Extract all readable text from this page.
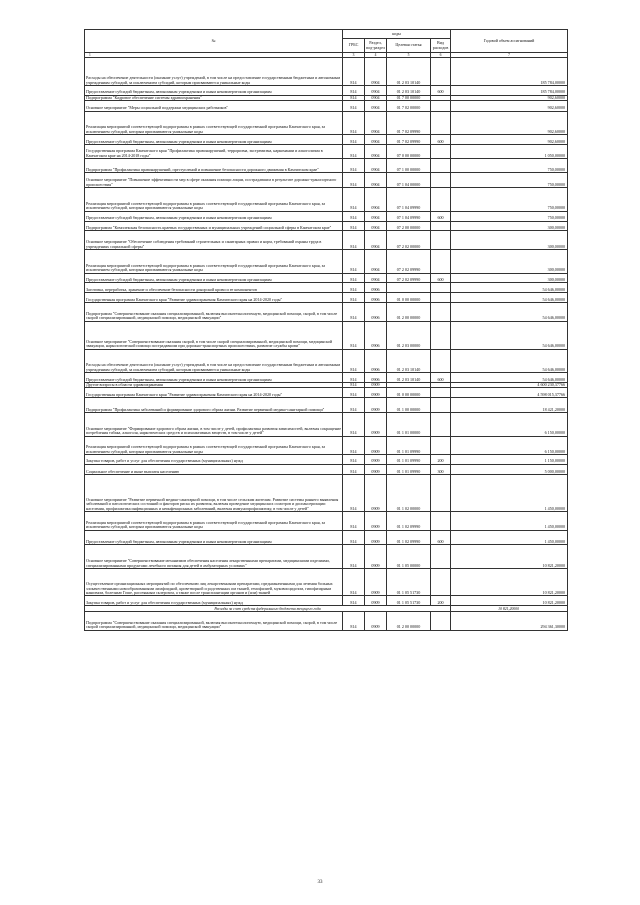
№	коды				Годовой объем ассигнований
	ГРБС	Раздел, под-раздел	Целевая статья	Вид расходов	
1	3	4	5	6	7
Расходы на обеспечение деятельности (оказание услуг) учреждений, в том числе на предоставление государственным бюджетным и автономным учреждениям субсидий, за исключением субсидий, которым присваиваются уникальные коды	814	0904	01 2 03 10140		185 784,00000
Предоставление субсидий бюджетным, автономным учреждениям и иным некоммерческим организациям	814	0904	01 2 03 10140	600	185 784,00000
Подпрограмма "Кадровое обеспечение системы здравоохранения"	814	0904	01 7 00 00000		902,60000
Основное мероприятие "Меры социальной поддержки медицинских работников"	814	0904	01 7 02 00000		902,60000
Реализация мероприятий соответствующей подпрограммы в рамках соответствующей государственной программы Камчатского края, за исключением субсидий, которым присваиваются уникальные коды	814	0904	01 7 02 09990		902,60000
Предоставление субсидий бюджетным, автономным учреждениям и иным некоммерческим организациям	814	0904	01 7 02 09990	600	902,60000
Государственная программа Камчатского края "Профилактика правонарушений, терроризма, экстремизма, наркомании и алкоголизма в Камчатском крае на 2014-2018 годы"	814	0904	07 0 00 00000		1 050,00000
Подпрограмма "Профилактика правонарушений, преступлений и повышение безопасности дорожного движения в Камчатском крае"	814	0904	07 1 00 00000		750,00000
Основное мероприятие "Повышение эффективности мер в сфере оказания помощи лицам, пострадавшим в результате дорожно-транспортного происшествия"	814	0904	07 1 04 00000		750,00000
Реализация мероприятий соответствующей подпрограммы в рамках соответствующей государственной программы Камчатского края, за исключением субсидий, которым присваиваются уникальные коды	814	0904	07 1 04 09990		750,00000
Предоставление субсидий бюджетным, автономным учреждениям и иным некоммерческим организациям	814	0904	07 1 04 09990	600	750,00000
Подпрограмма "Комплексная безопасность краевых государственных и муниципальных учреждений социальной сферы в Камчатском крае"	814	0904	07 2 00 00000		300,00000
Основное мероприятие "Обеспечение соблюдения требований строительных и санитарных правил и норм, требований охраны труда в учреждениях социальной сферы"	814	0904	07 2 02 00000		300,00000
Реализация мероприятий соответствующей подпрограммы в рамках соответствующей государственной программы Камчатского края, за исключением субсидий, которым присваиваются уникальные коды	814	0904	07 2 02 09990		300,00000
Предоставление субсидий бюджетным, автономным учреждениям и иным некоммерческим организациям	814	0904	07 2 02 09990	600	300,00000
Заготовка, переработка, хранение и обеспечение безопасности донорской крови и ее компонентов	814	0906			54 646,00000
Государственная программа Камчатского края "Развитие здравоохранения Камчатского края на 2014-2020 годы"	814	0906	01 0 00 00000		54 646,00000
Подпрограмма "Совершенствование оказания специализированной, включая высокотехнологичную, медицинской помощи, скорой, в том числе скорой специализированной, медицинской помощи, медицинской эвакуации"	814	0906	01 2 00 00000		54 646,00000
Основное мероприятие "Совершенствование оказания скорой, в том числе скорой специализированной, медицинской помощи, медицинской эвакуации, наркологической помощи пострадавшим при дорожно-транспортных происшествиях, развитие службы крови"	814	0906	01 2 03 00000		54 646,00000
Расходы на обеспечение деятельности (оказание услуг) учреждений, в том числе на предоставление государственным бюджетным и автономным учреждениям субсидий, за исключением субсидий, которым присваиваются уникальные коды	814	0906	01 2 03 10140		54 646,00000
Предоставление субсидий бюджетным, автономным учреждениям и иным некоммерческим организациям	814	0906	01 2 03 10140	600	54 646,00000
Другие вопросы в области здравоохранения	814	0909			4 600 230,37766
Государственная программа Камчатского края "Развитие здравоохранения Камчатского края на 2014-2020 годы"	814	0909	01 0 00 00000		4 598 015,37766
Подпрограмма "Профилактика заболеваний и формирование здорового образа жизни. Развитие первичной медико-санитарной помощи"	814	0909	01 1 00 00000		18 421,20000
Основное мероприятие "Формирование здорового образа жизни, в том числе у детей, профилактика развития зависимостей, включая сокращение потребления табака, алкоголя, наркотических средств и психоактивных веществ, в том числе у детей"	814	0909	01 1 01 00000		6 150,00000
Реализация мероприятий соответствующей подпрограммы в рамках соответствующей государственной программы Камчатского края, за исключением субсидий, которым присваиваются уникальные коды	814	0909	01 1 01 09990		6 150,00000
Закупка товаров, работ и услуг для обеспечения государственных (муниципальных) нужд	814	0909	01 1 01 09990	200	1 150,00000
Социальное обеспечение и иные выплаты населению	814	0909	01 1 01 09990	300	5 000,00000
Основное мероприятие "Развитие первичной медико-санитарной помощи, в том числе сельским жителям. Развитие системы раннего выявления заболеваний и патологических состояний и факторов риска их развития, включая проведение медицинских осмотров и диспансеризации населения, профилактика инфекционных и неинфекционных заболеваний, включая иммунопрофилактику, в том числе у детей"	814	0909	01 1 02 00000		1 450,00000
Реализация мероприятий соответствующей подпрограммы в рамках соответствующей государственной программы Камчатского края, за исключением субсидий, которым присваиваются уникальные коды	814	0909	01 1 02 09990		1 450,00000
Предоставление субсидий бюджетным, автономным учреждениям и иным некоммерческим организациям	814	0909	01 1 02 09990	600	1 450,00000
Основное мероприятие "Совершенствование механизмов обеспечения населения лекарственными препаратами, медицинскими изделиями, специализированными продуктами лечебного питания для детей в амбулаторных условиях"	814	0909	01 1 05 00000		10 821,20000
Осуществление организационных мероприятий по обеспечению лиц лекарственными препаратами, предназначенными для лечения больных злокачественными новообразованиями лимфоидной, кроветворной и родственных им тканей, гемофилией, муковисцидозом, гипофизарным нанизмом, болезнью Гоше, рассеянным склерозом, а также после трансплантации органов и (или) тканей	814	0909	01 1 05 51730		10 821,20000
Закупка товаров, работ и услуг для обеспечения государственных (муниципальных) нужд	814	0909	01 1 05 51730	200	10 821,20000
Расходы за счет средств федерального бюджета текущего года					10 821,20000
Подпрограмма "Совершенствование оказания специализированной, включая высокотехнологичную, медицинской помощи, скорой, в том числе скорой специализированной, медицинской помощи, медицинской эвакуации"	814	0909	01 2 00 00000		294 361,30000
33
